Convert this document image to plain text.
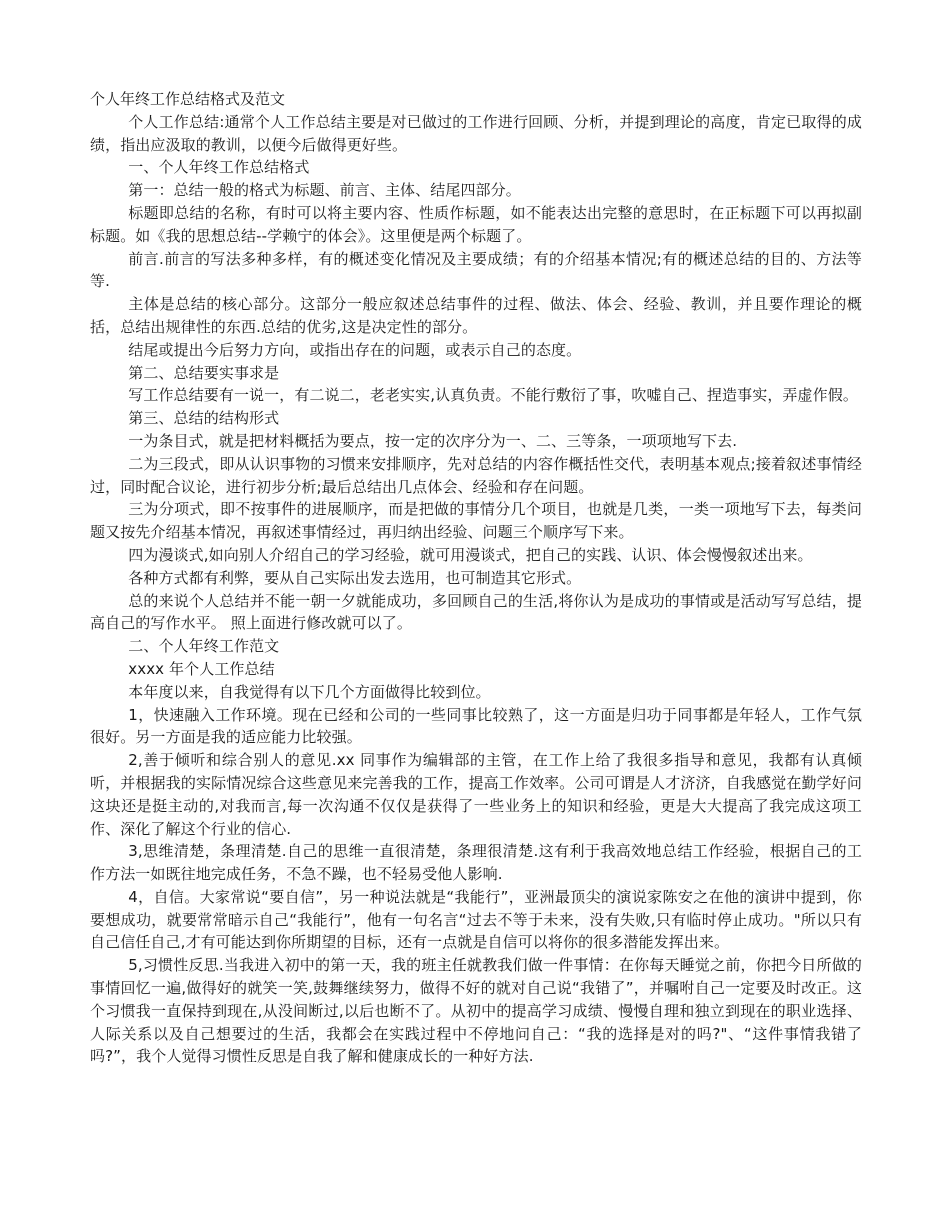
个人年终工作总结格式及范文
个人工作总结:通常个人工作总结主要是对已做过的工作进行回顾、分析，并提到理论的高度，肯定已取得的成绩，指出应汲取的教训，以便今后做得更好些。
一、个人年终工作总结格式
第一：总结一般的格式为标题、前言、主体、结尾四部分。
标题即总结的名称，有时可以将主要内容、性质作标题，如不能表达出完整的意思时，在正标题下可以再拟副标题。如《我的思想总结--学赖宁的体会》。这里便是两个标题了。
前言.前言的写法多种多样，有的概述变化情况及主要成绩；有的介绍基本情况;有的概述总结的目的、方法等等.
主体是总结的核心部分。这部分一般应叙述总结事件的过程、做法、体会、经验、教训，并且要作理论的概括，总结出规律性的东西.总结的优劣,这是决定性的部分。
结尾或提出今后努力方向，或指出存在的问题，或表示自己的态度。
第二、总结要实事求是
写工作总结要有一说一，有二说二，老老实实,认真负责。不能行敷衍了事，吹嘘自己、捏造事实，弄虚作假。
第三、总结的结构形式
一为条目式，就是把材料概括为要点，按一定的次序分为一、二、三等条，一项项地写下去.
二为三段式，即从认识事物的习惯来安排顺序，先对总结的内容作概括性交代，表明基本观点;接着叙述事情经过，同时配合议论，进行初步分析;最后总结出几点体会、经验和存在问题。
三为分项式，即不按事件的进展顺序，而是把做的事情分几个项目，也就是几类，一类一项地写下去，每类问题又按先介绍基本情况，再叙述事情经过，再归纳出经验、问题三个顺序写下来。
四为漫谈式,如向别人介绍自己的学习经验，就可用漫谈式，把自己的实践、认识、体会慢慢叙述出来。
各种方式都有利弊，要从自己实际出发去选用，也可制造其它形式。
总的来说个人总结并不能一朝一夕就能成功，多回顾自己的生活,将你认为是成功的事情或是活动写写总结，提高自己的写作水平。 照上面进行修改就可以了。
二、个人年终工作范文
xxxx 年个人工作总结
本年度以来，自我觉得有以下几个方面做得比较到位。
1，快速融入工作环境。现在已经和公司的一些同事比较熟了，这一方面是归功于同事都是年轻人，工作气氛很好。另一方面是我的适应能力比较强。
2,善于倾听和综合别人的意见.xx 同事作为编辑部的主管，在工作上给了我很多指导和意见，我都有认真倾听，并根据我的实际情况综合这些意见来完善我的工作，提高工作效率。公司可谓是人才济济，自我感觉在勤学好问这块还是挺主动的,对我而言,每一次沟通不仅仅是获得了一些业务上的知识和经验，更是大大提高了我完成这项工作、深化了解这个行业的信心.
3,思维清楚，条理清楚.自己的思维一直很清楚，条理很清楚.这有利于我高效地总结工作经验，根据自己的工作方法一如既往地完成任务，不急不躁，也不轻易受他人影响.
4，自信。大家常说“要自信”，另一种说法就是“我能行”，亚洲最顶尖的演说家陈安之在他的演讲中提到，你要想成功，就要常常暗示自己“我能行”，他有一句名言“过去不等于未来，没有失败,只有临时停止成功。"所以只有自己信任自己,才有可能达到你所期望的目标，还有一点就是自信可以将你的很多潜能发挥出来。
5,习惯性反思.当我进入初中的第一天，我的班主任就教我们做一件事情：在你每天睡觉之前，你把今日所做的事情回忆一遍,做得好的就笑一笑,鼓舞继续努力，做得不好的就对自己说“我错了”，并嘱咐自己一定要及时改正。这个习惯我一直保持到现在,从没间断过,以后也断不了。从初中的提高学习成绩、慢慢自理和独立到现在的职业选择、人际关系以及自己想要过的生活，我都会在实践过程中不停地问自己：“我的选择是对的吗?"、“这件事情我错了吗?”，我个人觉得习惯性反思是自我了解和健康成长的一种好方法.
